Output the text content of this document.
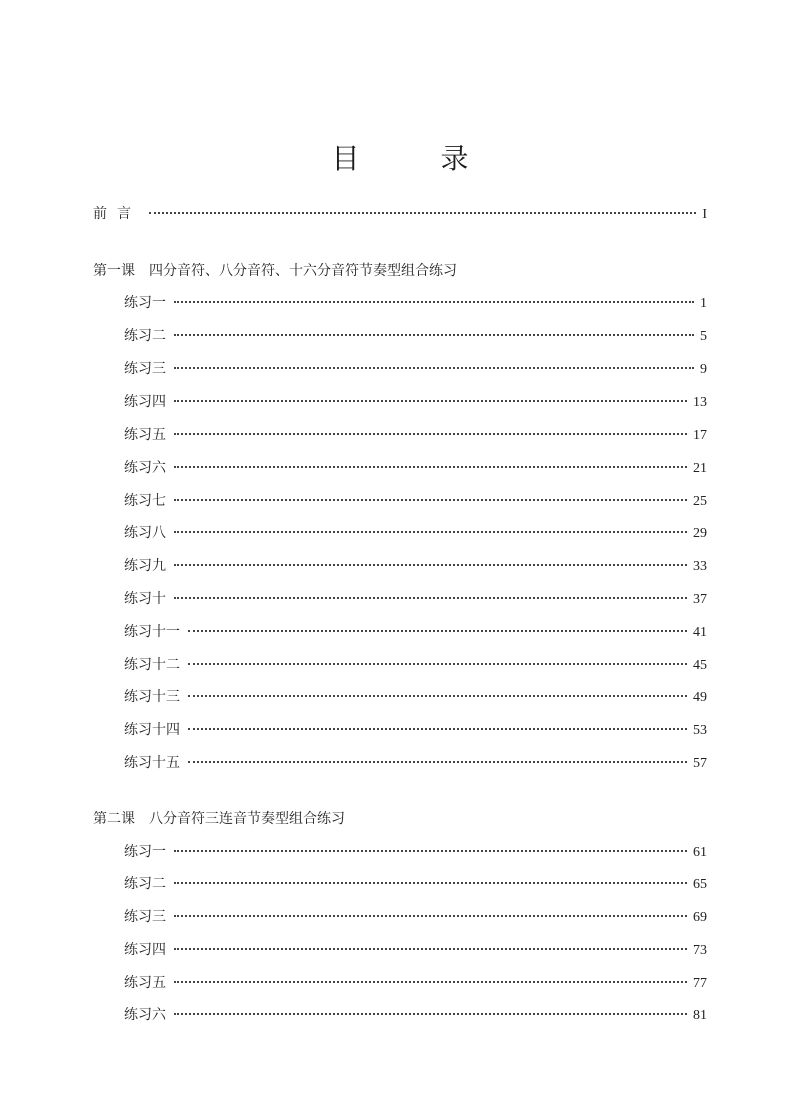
目 录
前言	I
第一课 四分音符、八分音符、十六分音符节奏型组合练习
练习一	1
练习二	5
练习三	9
练习四	13
练习五	17
练习六	21
练习七	25
练习八	29
练习九	33
练习十	37
练习十一	41
练习十二	45
练习十三	49
练习十四	53
练习十五	57
第二课 八分音符三连音节奏型组合练习
练习一	61
练习二	65
练习三	69
练习四	73
练习五	77
练习六	81
